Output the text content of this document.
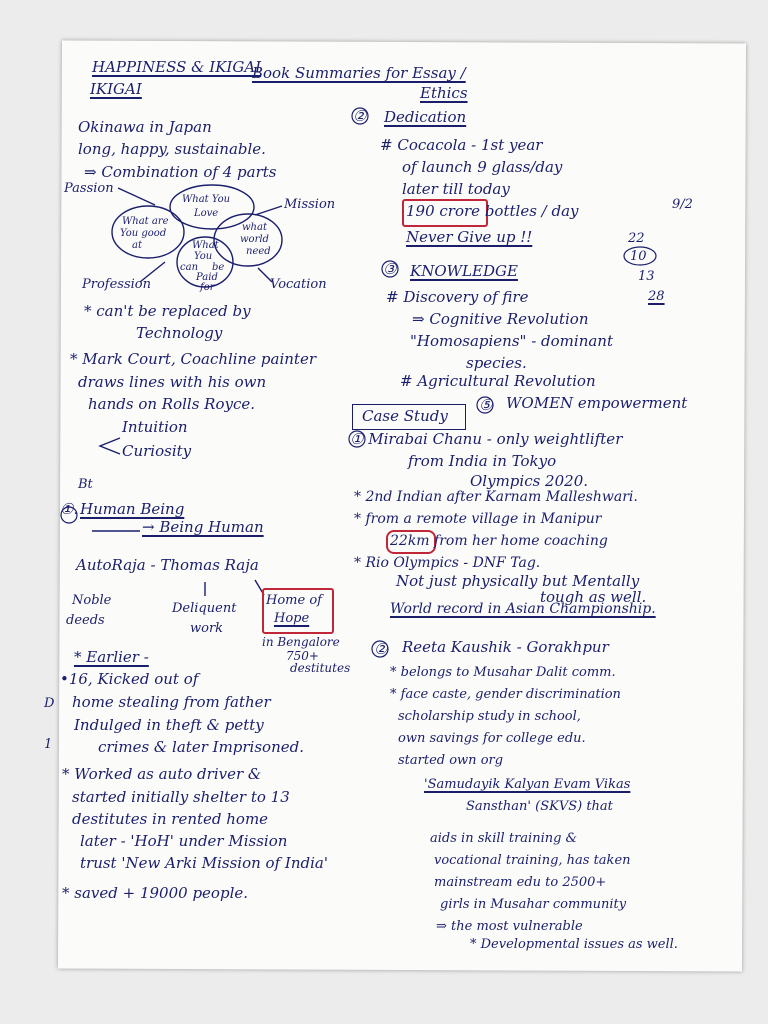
HAPPINESS & IKIGAI
IKIGAI
Book Summaries for Essay /
Ethics
Okinawa in Japan
long, happy, sustainable.
⇒ Combination of 4 parts
Passion
Mission
Profession	Vocation
What You
Love
What are
You good
at
what
world
need
What
You
can be
Paid
for
* can't be replaced by
Technology
* Mark Court, Coachline painter
draws lines with his own
hands on Rolls Royce.
Intuition
Curiosity
Bt
①. Human Being
→ Being Human
AutoRaja - Thomas Raja
Noble
deeds
Deliquent
work
Home of
Hope
in Bengalore
750+
destitutes
* Earlier -
•16, Kicked out of
home stealing from father
Indulged in theft & petty
crimes & later Imprisoned.
D
1
* Worked as auto driver &
started initially shelter to 13
destitutes in rented home
later - 'HoH' under Mission
trust 'New Arki Mission of India'
* saved + 19000 people.
② Dedication
# Cocacola - 1st year
of launch 9 glass/day
later till today
190 crore bottles / day
Never Give up !!
9/2
22
10
13
28
③ KNOWLEDGE
# Discovery of fire
⇒ Cognitive Revolution
"Homosapiens" - dominant
species.
# Agricultural Revolution
Case Study
⑤ WOMEN empowerment
① Mirabai Chanu - only weightlifter
from India in Tokyo
Olympics 2020.
* 2nd Indian after Karnam Malleshwari.
* from a remote village in Manipur
22km from her home coaching
* Rio Olympics - DNF Tag.
Not just physically but Mentally
tough as well.
World record in Asian Championship.
② Reeta Kaushik - Gorakhpur
* belongs to Musahar Dalit comm.
* face caste, gender discrimination
scholarship study in school,
own savings for college edu.
started own org
'Samudayik Kalyan Evam Vikas
Sansthan' (SKVS) that
aids in skill training &
vocational training, has taken
mainstream edu to 2500+
girls in Musahar community
⇒ the most vulnerable
* Developmental issues as well.
